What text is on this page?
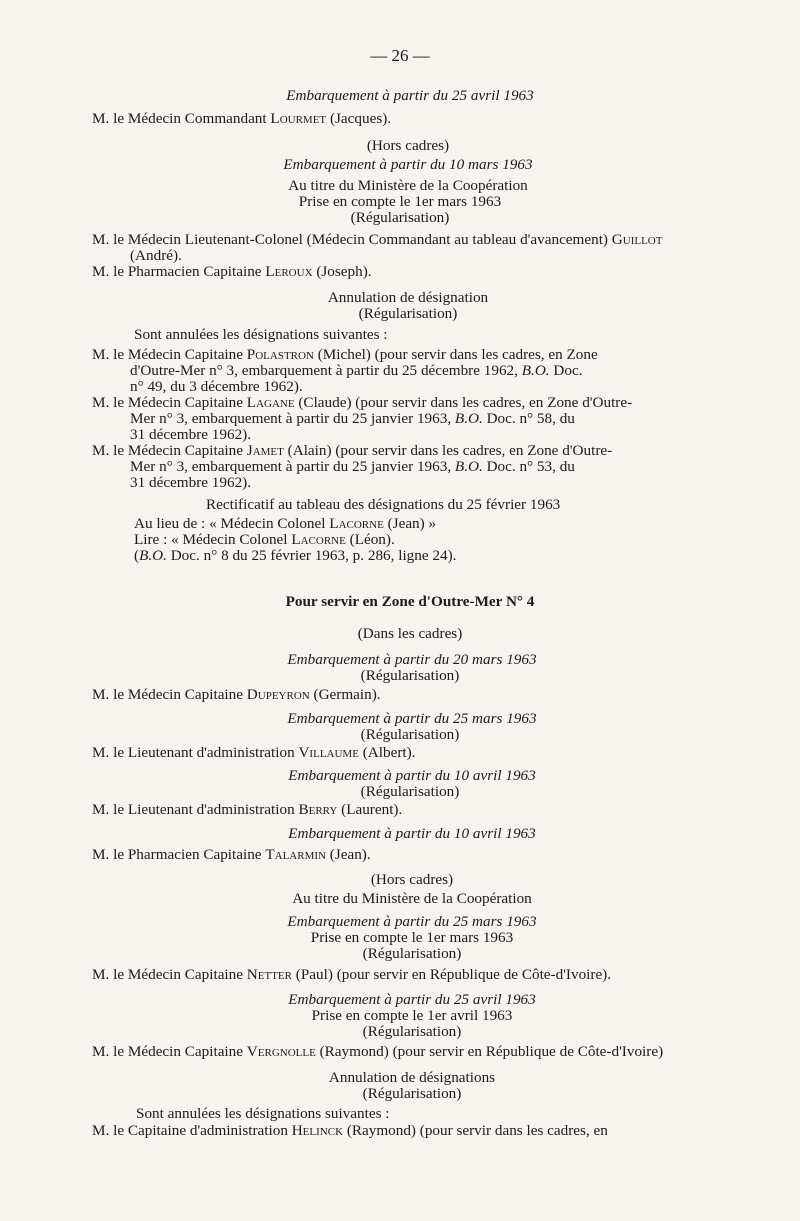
— 26 —
Embarquement à partir du 25 avril 1963
M. le Médecin Commandant Lourmet (Jacques).
(Hors cadres)
Embarquement à partir du 10 mars 1963
Au titre du Ministère de la Coopération
Prise en compte le 1er mars 1963
(Régularisation)
M. le Médecin Lieutenant-Colonel (Médecin Commandant au tableau d'avancement) Guillot
(André).
M. le Pharmacien Capitaine Leroux (Joseph).
Annulation de désignation
(Régularisation)
Sont annulées les désignations suivantes :
M. le Médecin Capitaine Polastron (Michel) (pour servir dans les cadres, en Zone
d'Outre-Mer n° 3, embarquement à partir du 25 décembre 1962, B.O. Doc.
n° 49, du 3 décembre 1962).
M. le Médecin Capitaine Lagane (Claude) (pour servir dans les cadres, en Zone d'Outre-
Mer n° 3, embarquement à partir du 25 janvier 1963, B.O. Doc. n° 58, du
31 décembre 1962).
M. le Médecin Capitaine Jamet (Alain) (pour servir dans les cadres, en Zone d'Outre-
Mer n° 3, embarquement à partir du 25 janvier 1963, B.O. Doc. n° 53, du
31 décembre 1962).
Rectificatif au tableau des désignations du 25 février 1963
Au lieu de : « Médecin Colonel Lacorne (Jean) »
Lire : « Médecin Colonel Lacorne (Léon).
(B.O. Doc. n° 8 du 25 février 1963, p. 286, ligne 24).
Pour servir en Zone d'Outre-Mer N° 4
(Dans les cadres)
Embarquement à partir du 20 mars 1963
(Régularisation)
M. le Médecin Capitaine Dupeyron (Germain).
Embarquement à partir du 25 mars 1963
(Régularisation)
M. le Lieutenant d'administration Villaume (Albert).
Embarquement à partir du 10 avril 1963
(Régularisation)
M. le Lieutenant d'administration Berry (Laurent).
Embarquement à partir du 10 avril 1963
M. le Pharmacien Capitaine Talarmin (Jean).
(Hors cadres)
Au titre du Ministère de la Coopération
Embarquement à partir du 25 mars 1963
Prise en compte le 1er mars 1963
(Régularisation)
M. le Médecin Capitaine Netter (Paul) (pour servir en République de Côte-d'Ivoire).
Embarquement à partir du 25 avril 1963
Prise en compte le 1er avril 1963
(Régularisation)
M. le Médecin Capitaine Vergnolle (Raymond) (pour servir en République de Côte-d'Ivoire)
Annulation de désignations
(Régularisation)
Sont annulées les désignations suivantes :
M. le Capitaine d'administration Helinck (Raymond) (pour servir dans les cadres, en
